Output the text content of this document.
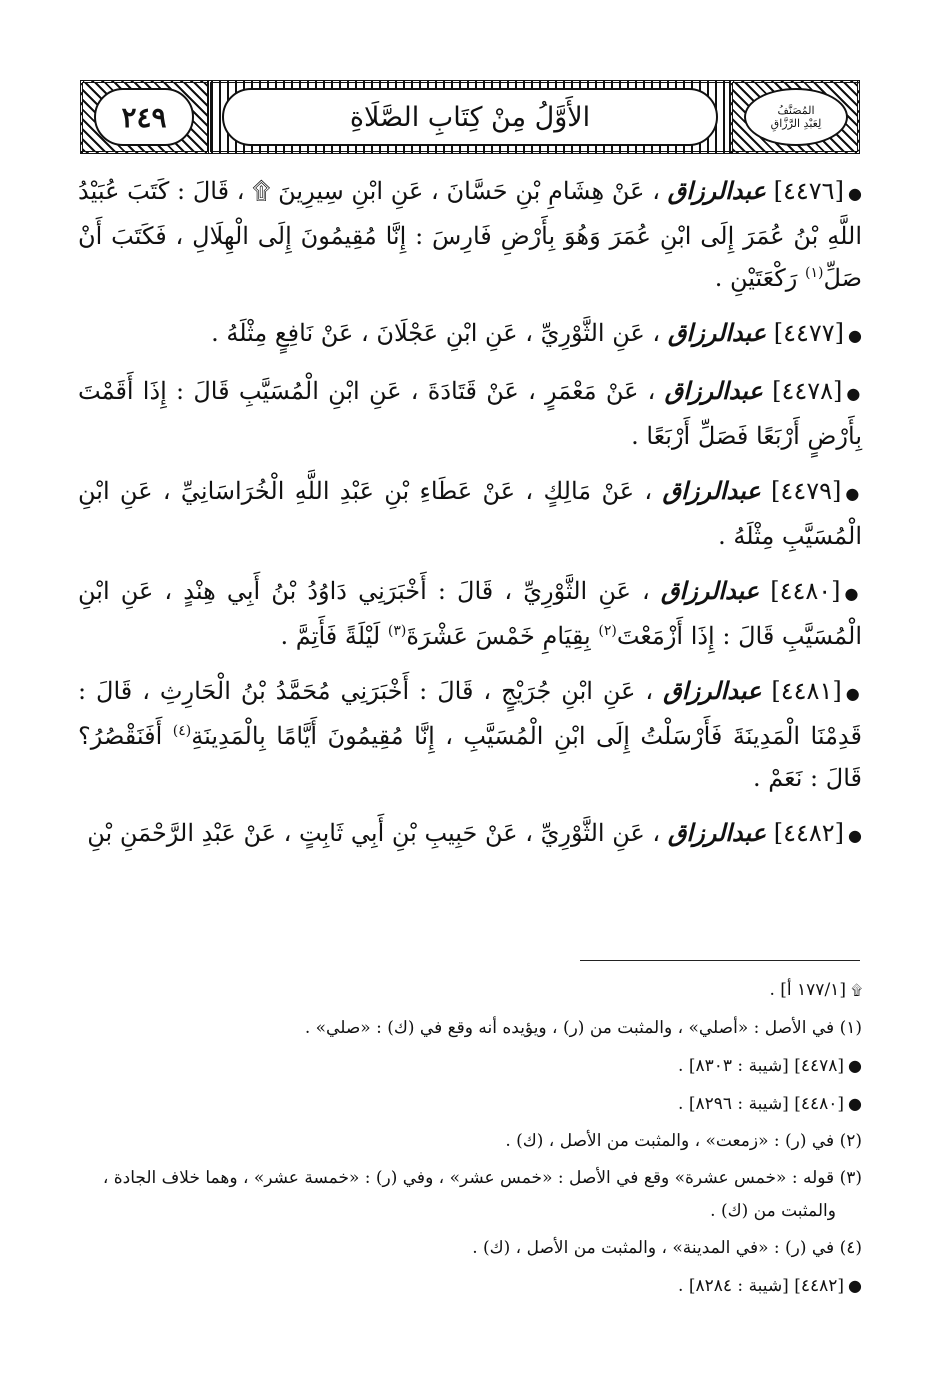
٢٤٩	الأَوَّلُ مِنْ كِتَابِ الصَّلَاةِ	المُصَنَّفُ
لِعَبْدِ الرَّزَّاقِ

●[٤٤٧٦] عبدالرزاق ، عَنْ هِشَامِ بْنِ حَسَّانَ ، عَنِ ابْنِ سِيرِينَ ۩ ، قَالَ : كَتَبَ عُبَيْدُ اللَّهِ بْنُ عُمَرَ إِلَى ابْنِ عُمَرَ وَهُوَ بِأَرْضِ فَارِسَ : إِنَّا مُقِيمُونَ إِلَى الْهِلَالِ ، فَكَتَبَ أَنْ صَلِّ$^{(١)}$ رَكْعَتَيْنِ .

●[٤٤٧٧] عبدالرزاق ، عَنِ الثَّوْرِيِّ ، عَنِ ابْنِ عَجْلَانَ ، عَنْ نَافِعٍ مِثْلَهُ .

●[٤٤٧٨] عبدالرزاق ، عَنْ مَعْمَرٍ ، عَنْ قَتَادَةَ ، عَنِ ابْنِ الْمُسَيَّبِ قَالَ : إِذَا أَقَمْتَ بِأَرْضٍ أَرْبَعًا فَصَلِّ أَرْبَعًا .

●[٤٤٧٩] عبدالرزاق ، عَنْ مَالِكٍ ، عَنْ عَطَاءِ بْنِ عَبْدِ اللَّهِ الْخُرَاسَانِيِّ ، عَنِ ابْنِ الْمُسَيَّبِ مِثْلَهُ .

●[٤٤٨٠] عبدالرزاق ، عَنِ الثَّوْرِيِّ ، قَالَ : أَخْبَرَنِي دَاوُدُ بْنُ أَبِي هِنْدٍ ، عَنِ ابْنِ الْمُسَيَّبِ قَالَ : إِذَا أَزْمَعْتَ$^{(٢)}$ بِقِيَامِ خَمْسَ عَشْرَةَ$^{(٣)}$ لَيْلَةً فَأَتِمَّ .

●[٤٤٨١] عبدالرزاق ، عَنِ ابْنِ جُرَيْجٍ ، قَالَ : أَخْبَرَنِي مُحَمَّدُ بْنُ الْحَارِثِ ، قَالَ : قَدِمْنَا الْمَدِينَةَ فَأَرْسَلْتُ إِلَى ابْنِ الْمُسَيَّبِ ، إِنَّا مُقِيمُونَ أَيَّامًا بِالْمَدِينَةِ$^{(٤)}$ أَفَنَقْصُرُ؟ قَالَ : نَعَمْ .

●[٤٤٨٢] عبدالرزاق ، عَنِ الثَّوْرِيِّ ، عَنْ حَبِيبِ بْنِ أَبِي ثَابِتٍ ، عَنْ عَبْدِ الرَّحْمَنِ بْنِ

۩ [١٧٧/١ أ] .

(١) في الأصل : «أصلي» ، والمثبت من (ر) ، ويؤيده أنه وقع في (ك) : «صلي» .

●[٤٤٧٨] [شيبة : ٨٣٠٣] .

●[٤٤٨٠] [شيبة : ٨٢٩٦] .

(٢) في (ر) : «زمعت» ، والمثبت من الأصل ، (ك) .

(٣) قوله : «خمس عشرة» وقع في الأصل : «خمس عشر» ، وفي (ر) : «خمسة عشر» ، وهما خلاف الجادة ،

والمثبت من (ك) .

(٤) في (ر) : «في المدينة» ، والمثبت من الأصل ، (ك) .

●[٤٤٨٢] [شيبة : ٨٢٨٤] .
